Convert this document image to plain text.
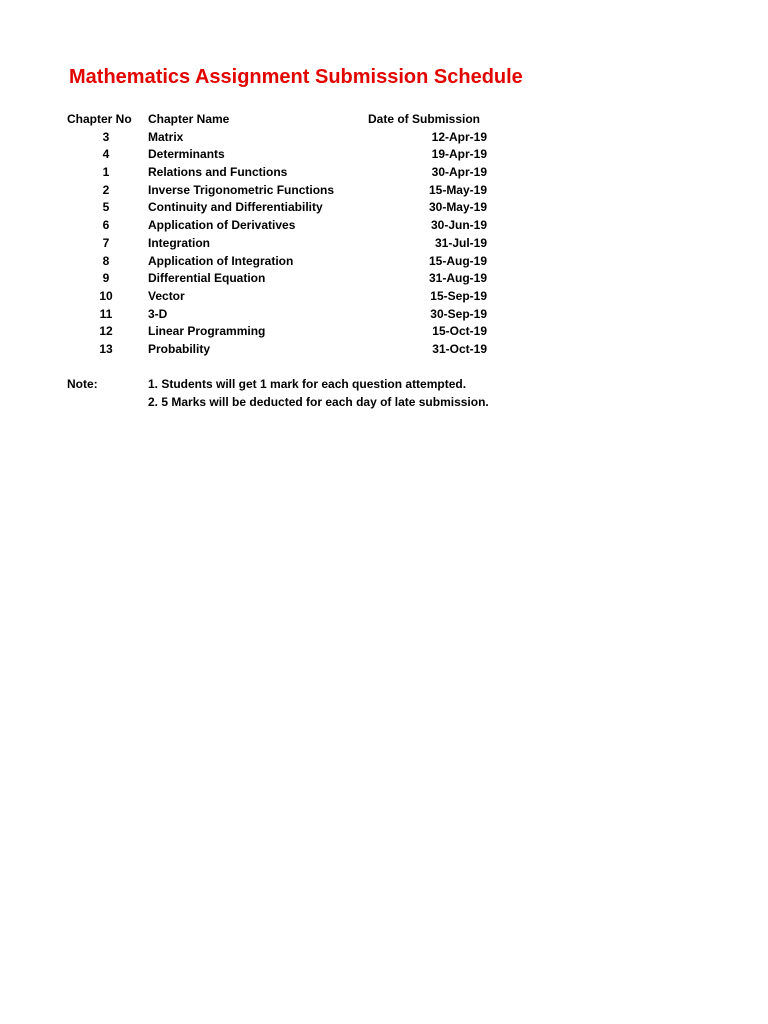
Mathematics Assignment Submission Schedule
Chapter No	Chapter Name	Date of Submission
3	Matrix	12-Apr-19
4	Determinants	19-Apr-19
1	Relations and Functions	30-Apr-19
2	Inverse Trigonometric Functions	15-May-19
5	Continuity and Differentiability	30-May-19
6	Application of Derivatives	30-Jun-19
7	Integration	31-Jul-19
8	Application of Integration	15-Aug-19
9	Differential Equation	31-Aug-19
10	Vector	15-Sep-19
11	3-D	30-Sep-19
12	Linear Programming	15-Oct-19
13	Probability	31-Oct-19
Note:	1. Students will get 1 mark for each question attempted.
2. 5 Marks will be deducted for each day of late submission.
